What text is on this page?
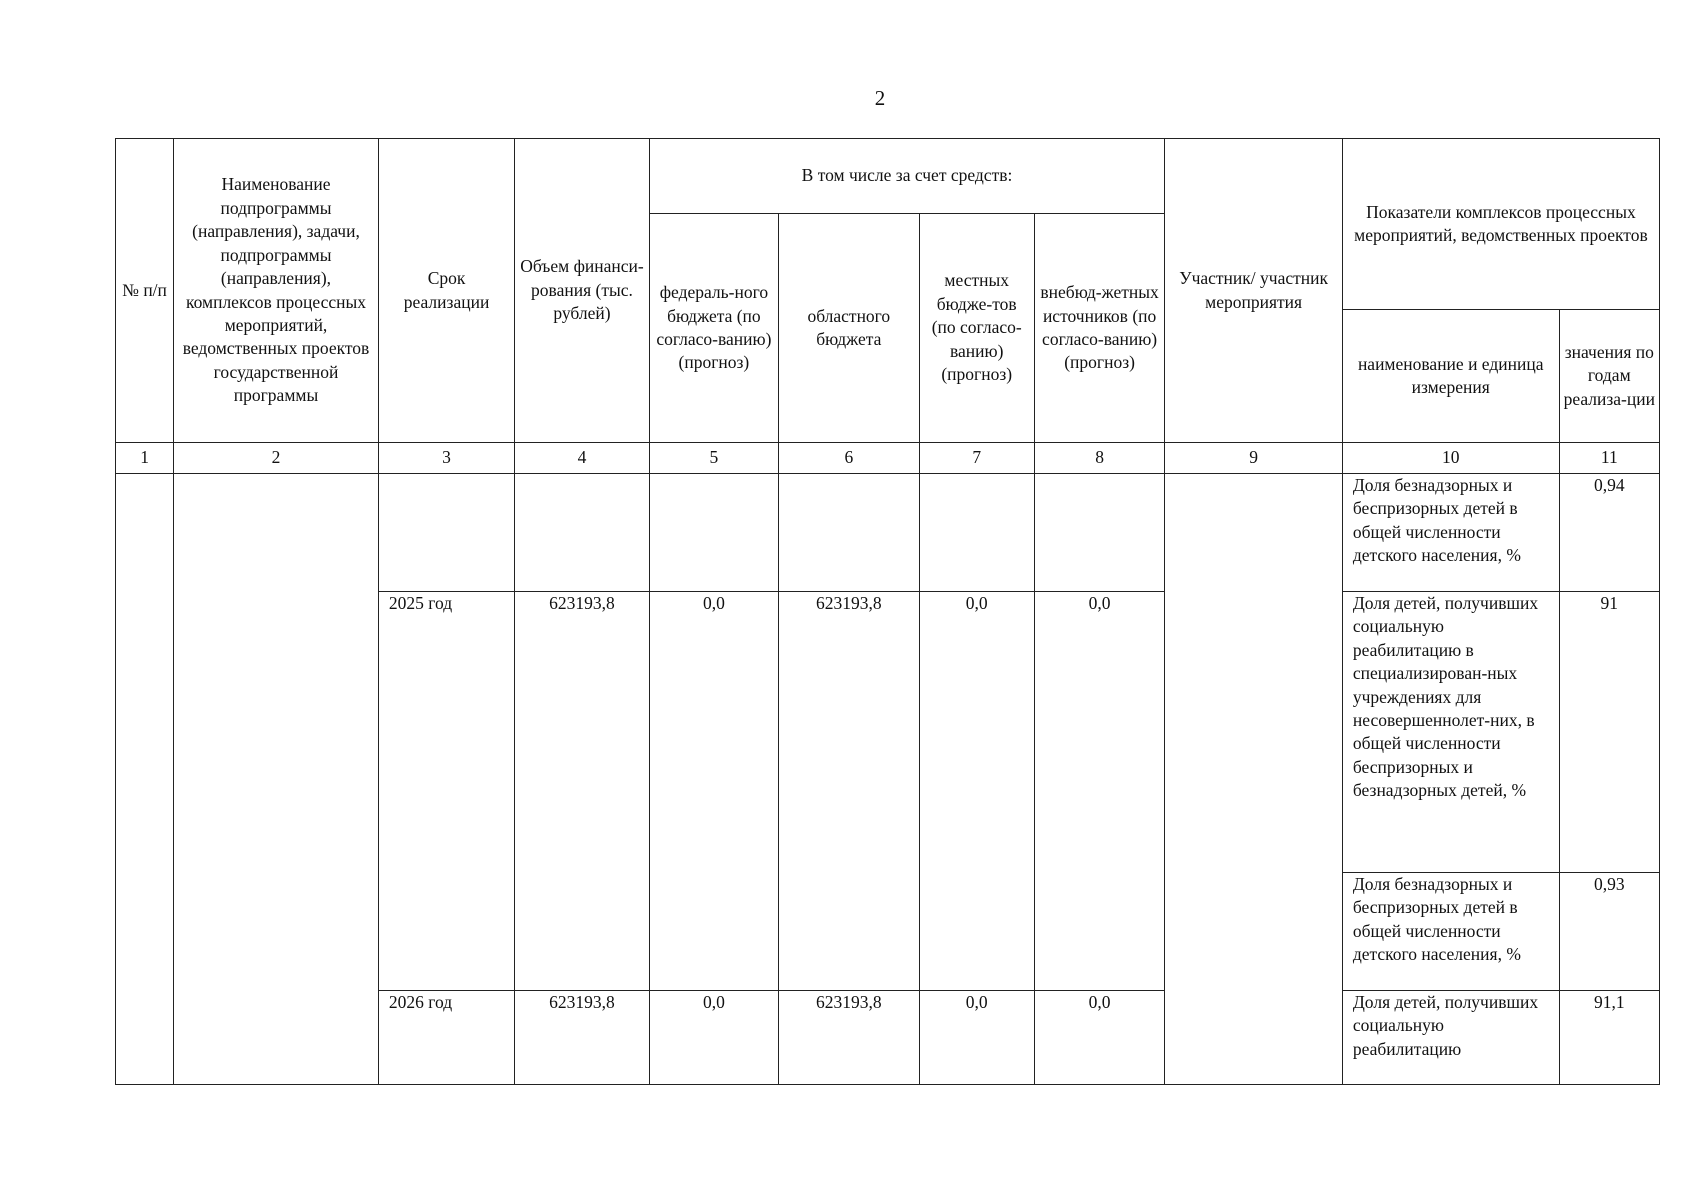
2
№ п/п	Наименование подпрограммы (направления), задачи, подпрограммы (направления), комплексов процессных мероприятий, ведомственных проектов государственной программы	Срок реализации	Объем финанси-рования (тыс. рублей)	В том числе за счет средств:				Участник/ участник мероприятия	Показатели комплексов процессных мероприятий, ведомственных проектов	
				федераль-ного бюджета (по согласо-ванию) (прогноз)	областного бюджета	местных бюдже-тов (по согласо-ванию) (прогноз)	внебюд-жетных источников (по согласо-ванию) (прогноз)			
									наименование и единица измерения	значения по годам реализа-ции
1	2	3	4	5	6	7	8	9	10	11
									Доля безнадзорных и беспризорных детей в общей численности детского населения, %	0,94
		2025 год	623193,8	0,0	623193,8	0,0	0,0		Доля детей, получивших социальную реабилитацию в специализирован-ных учреждениях для несовершеннолет-них, в общей численности беспризорных и безнадзорных детей, %	91
									Доля безнадзорных и беспризорных детей в общей численности детского населения, %	0,93
		2026 год	623193,8	0,0	623193,8	0,0	0,0		Доля детей, получивших социальную реабилитацию	91,1
